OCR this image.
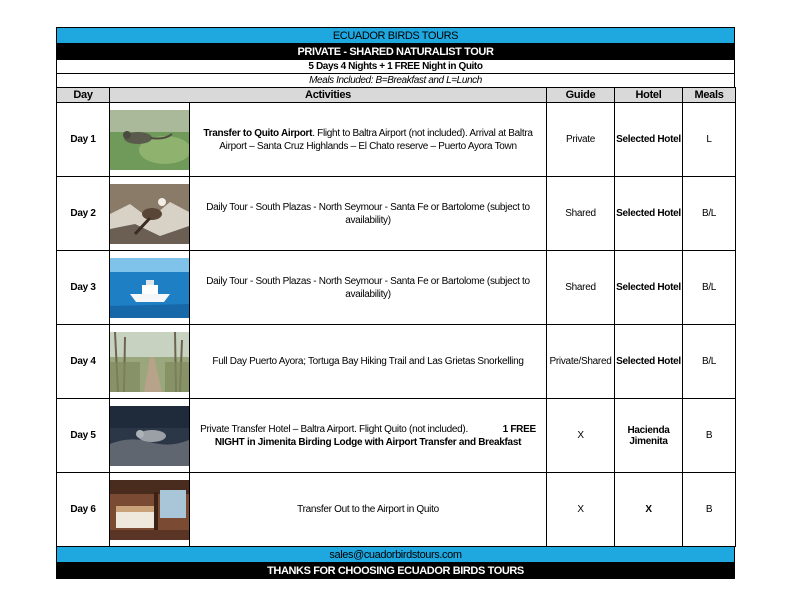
ECUADOR BIRDS TOURS
PRIVATE - SHARED NATURALIST TOUR
5 Days 4 Nights + 1 FREE Night in Quito
Meals Included: B=Breakfast and L=Lunch
Day	Activities		Guide	Hotel	Meals
Day 1		Transfer to Quito Airport. Flight to Baltra Airport (not included). Arrival at Baltra Airport – Santa Cruz Highlands – El Chato reserve – Puerto Ayora Town	Private	Selected Hotel	L
Day 2		Daily Tour - South Plazas - North Seymour - Santa Fe or Bartolome (subject to availability)	Shared	Selected Hotel	B/L
Day 3		Daily Tour - South Plazas - North Seymour - Santa Fe or Bartolome (subject to availability)	Shared	Selected Hotel	B/L
Day 4		Full Day Puerto Ayora; Tortuga Bay Hiking Trail and Las Grietas Snorkelling	Private/Shared	Selected Hotel	B/L
Day 5		Private Transfer Hotel – Baltra Airport. Flight Quito (not included). 1 FREE NIGHT in Jimenita Birding Lodge with Airport Transfer and Breakfast	X	Hacienda Jimenita	B
Day 6		Transfer Out to the Airport in Quito	X	X	B
sales@cuadorbirdstours.com
THANKS FOR CHOOSING ECUADOR BIRDS TOURS
